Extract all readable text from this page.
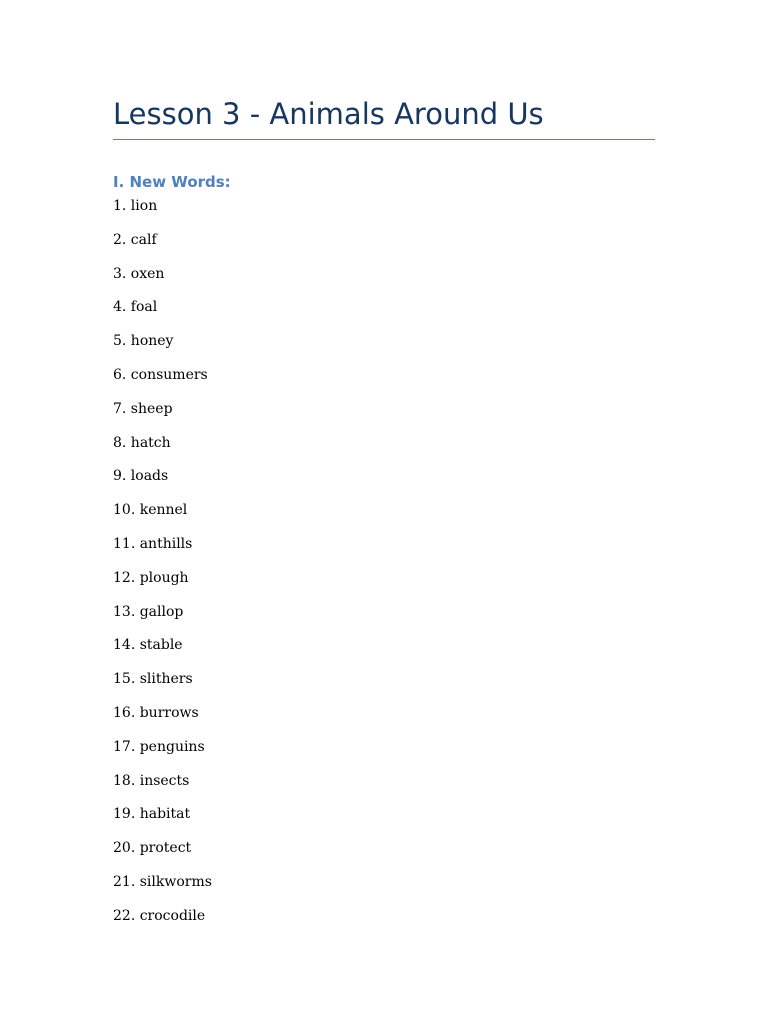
Lesson 3 - Animals Around Us
I. New Words:
1. lion
2. calf
3. oxen
4. foal
5. honey
6. consumers
7. sheep
8. hatch
9. loads
10. kennel
11. anthills
12. plough
13. gallop
14. stable
15. slithers
16. burrows
17. penguins
18. insects
19. habitat
20. protect
21. silkworms
22. crocodile
